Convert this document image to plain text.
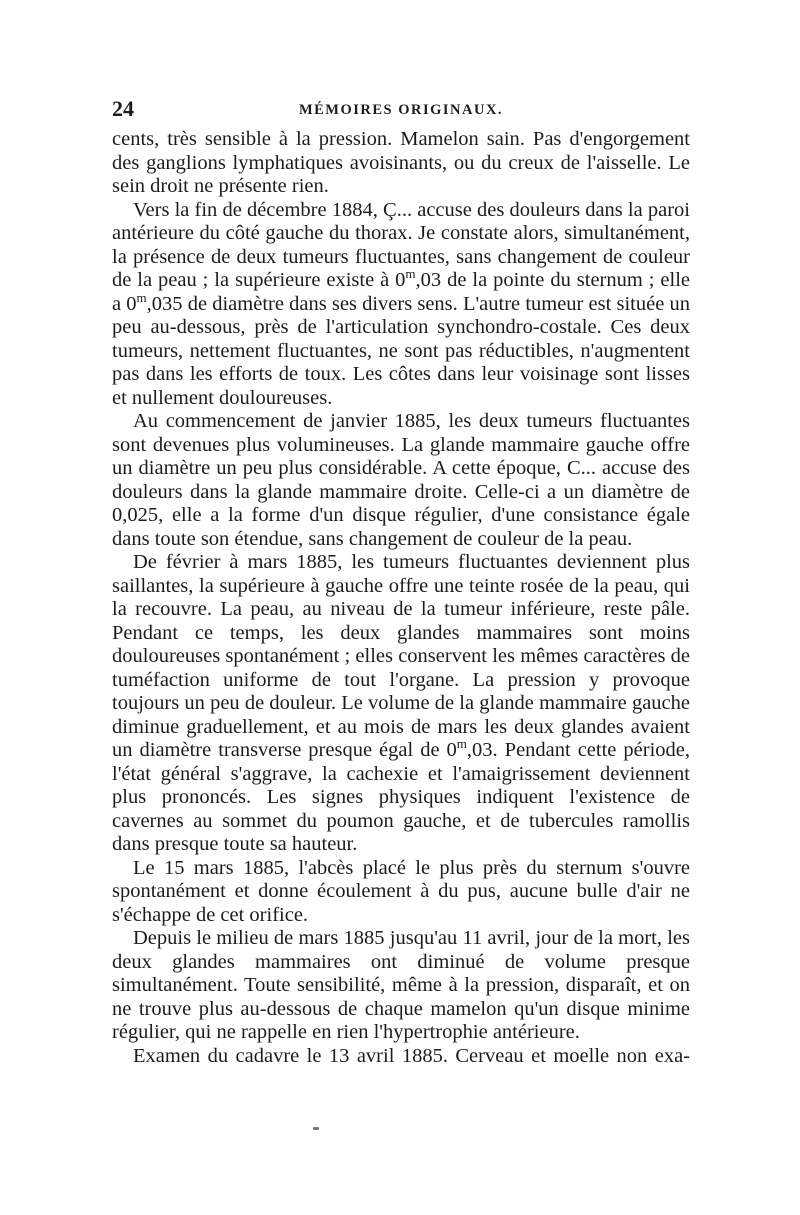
24	MÉMOIRES ORIGINAUX.

cents, très sensible à la pression. Mamelon sain. Pas d'engorgement des ganglions lymphatiques avoisinants, ou du creux de l'aisselle. Le sein droit ne présente rien.

Vers la fin de décembre 1884, Ç... accuse des douleurs dans la paroi antérieure du côté gauche du thorax. Je constate alors, simultanément, la présence de deux tumeurs fluctuantes, sans changement de couleur de la peau ; la supérieure existe à 0$^m$,03 de la pointe du sternum ; elle a 0$^m$,035 de diamètre dans ses divers sens. L'autre tumeur est située un peu au-dessous, près de l'articulation synchondro-costale. Ces deux tumeurs, nettement fluctuantes, ne sont pas réductibles, n'augmentent pas dans les efforts de toux. Les côtes dans leur voisinage sont lisses et nullement douloureuses.

Au commencement de janvier 1885, les deux tumeurs fluctuantes sont devenues plus volumineuses. La glande mammaire gauche offre un diamètre un peu plus considérable. A cette époque, C... accuse des douleurs dans la glande mammaire droite. Celle-ci a un diamètre de 0,025, elle a la forme d'un disque régulier, d'une consistance égale dans toute son étendue, sans changement de couleur de la peau.

De février à mars 1885, les tumeurs fluctuantes deviennent plus saillantes, la supérieure à gauche offre une teinte rosée de la peau, qui la recouvre. La peau, au niveau de la tumeur inférieure, reste pâle. Pendant ce temps, les deux glandes mammaires sont moins douloureuses spontanément ; elles conservent les mêmes caractères de tuméfaction uniforme de tout l'organe. La pression y provoque toujours un peu de douleur. Le volume de la glande mammaire gauche diminue graduellement, et au mois de mars les deux glandes avaient un diamètre transverse presque égal de 0$^m$,03. Pendant cette période, l'état général s'aggrave, la cachexie et l'amaigrissement deviennent plus prononcés. Les signes physiques indiquent l'existence de cavernes au sommet du poumon gauche, et de tubercules ramollis dans presque toute sa hauteur.

Le 15 mars 1885, l'abcès placé le plus près du sternum s'ouvre spontanément et donne écoulement à du pus, aucune bulle d'air ne s'échappe de cet orifice.

Depuis le milieu de mars 1885 jusqu'au 11 avril, jour de la mort, les deux glandes mammaires ont diminué de volume presque simultanément. Toute sensibilité, même à la pression, disparaît, et on ne trouve plus au-dessous de chaque mamelon qu'un disque minime régulier, qui ne rappelle en rien l'hypertrophie antérieure.

Examen du cadavre le 13 avril 1885. Cerveau et moelle non exa-
